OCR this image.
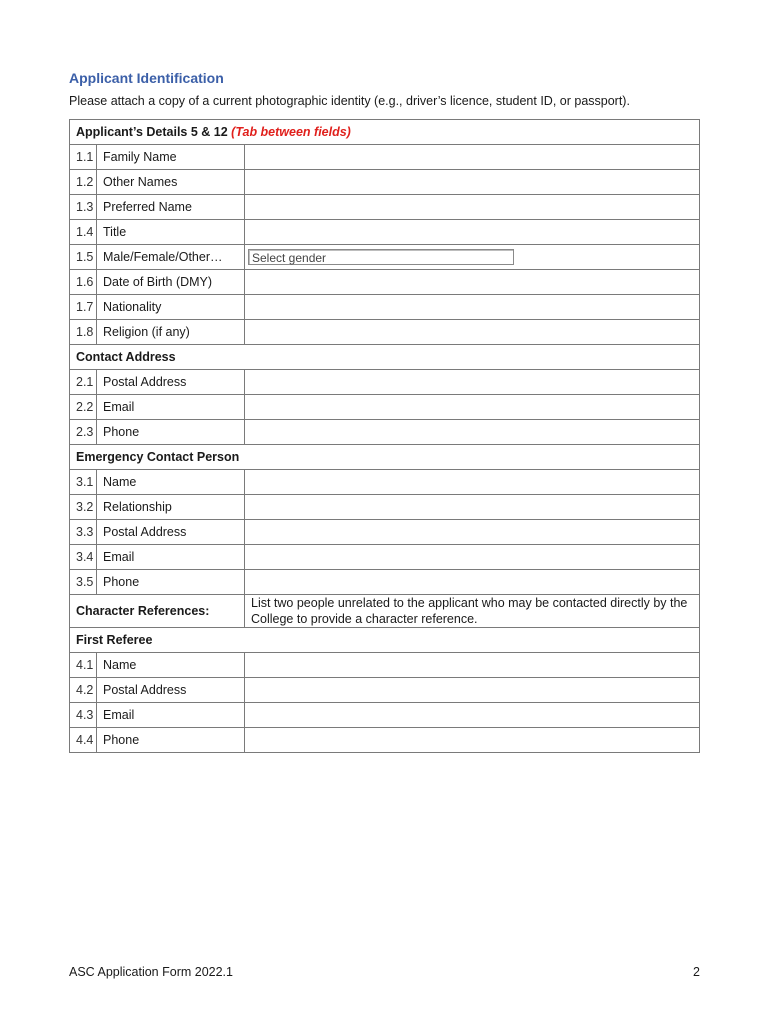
Applicant Identification
Please attach a copy of a current photographic identity (e.g., driver’s licence, student ID, or passport).
Applicant’s Details 5 & 12 (Tab between fields)		
1.1	Family Name	
1.2	Other Names	
1.3	Preferred Name	
1.4	Title	
1.5	Male/Female/Other…	Select gender
1.6	Date of Birth (DMY)	
1.7	Nationality	
1.8	Religion (if any)	
Contact Address		
2.1	Postal Address	
2.2	Email	
2.3	Phone	
Emergency Contact Person		
3.1	Name	
3.2	Relationship	
3.3	Postal Address	
3.4	Email	
3.5	Phone	
Character References:		List two people unrelated to the applicant who may be contacted directly by the College to provide a character reference.
First Referee		
4.1	Name	
4.2	Postal Address	
4.3	Email	
4.4	Phone	
ASC Application Form 2022.1	2
